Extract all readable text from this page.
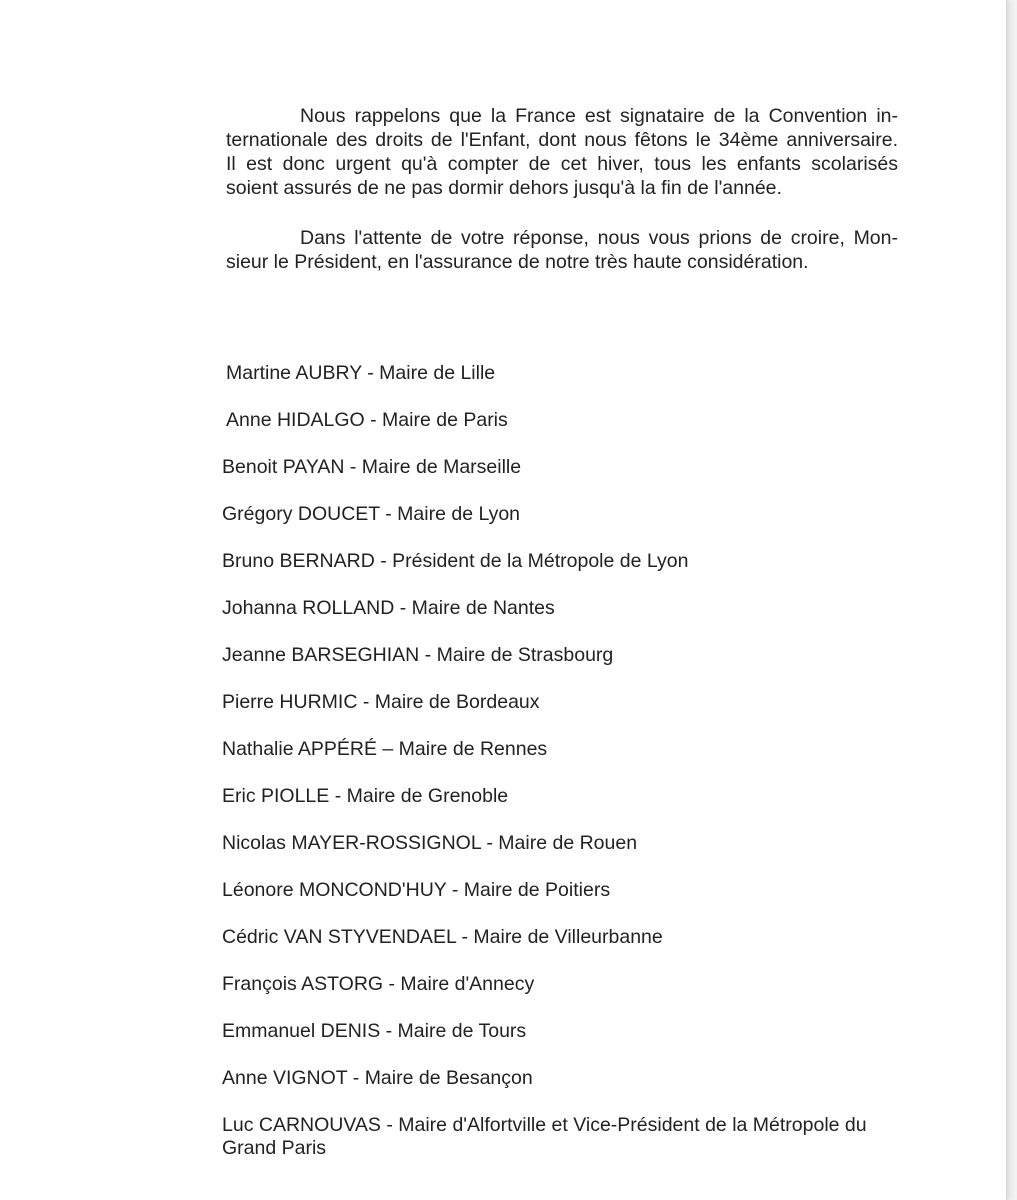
Nous rappelons que la France est signataire de la Convention in-
ternationale des droits de l'Enfant, dont nous fêtons le 34ème anniversaire.
Il est donc urgent qu'à compter de cet hiver, tous les enfants scolarisés
soient assurés de ne pas dormir dehors jusqu'à la fin de l'année.

Dans l'attente de votre réponse, nous vous prions de croire, Mon-
sieur le Président, en l'assurance de notre très haute considération.

Martine AUBRY - Maire de Lille
Anne HIDALGO - Maire de Paris
Benoit PAYAN - Maire de Marseille
Grégory DOUCET - Maire de Lyon
Bruno BERNARD - Président de la Métropole de Lyon
Johanna ROLLAND - Maire de Nantes
Jeanne BARSEGHIAN - Maire de Strasbourg
Pierre HURMIC - Maire de Bordeaux
Nathalie APPÉRÉ – Maire de Rennes
Eric PIOLLE - Maire de Grenoble
Nicolas MAYER-ROSSIGNOL - Maire de Rouen
Léonore MONCOND'HUY - Maire de Poitiers
Cédric VAN STYVENDAEL - Maire de Villeurbanne
François ASTORG - Maire d'Annecy
Emmanuel DENIS - Maire de Tours
Anne VIGNOT - Maire de Besançon
Luc CARNOUVAS - Maire d'Alfortville et Vice-Président de la Métropole du Grand Paris
